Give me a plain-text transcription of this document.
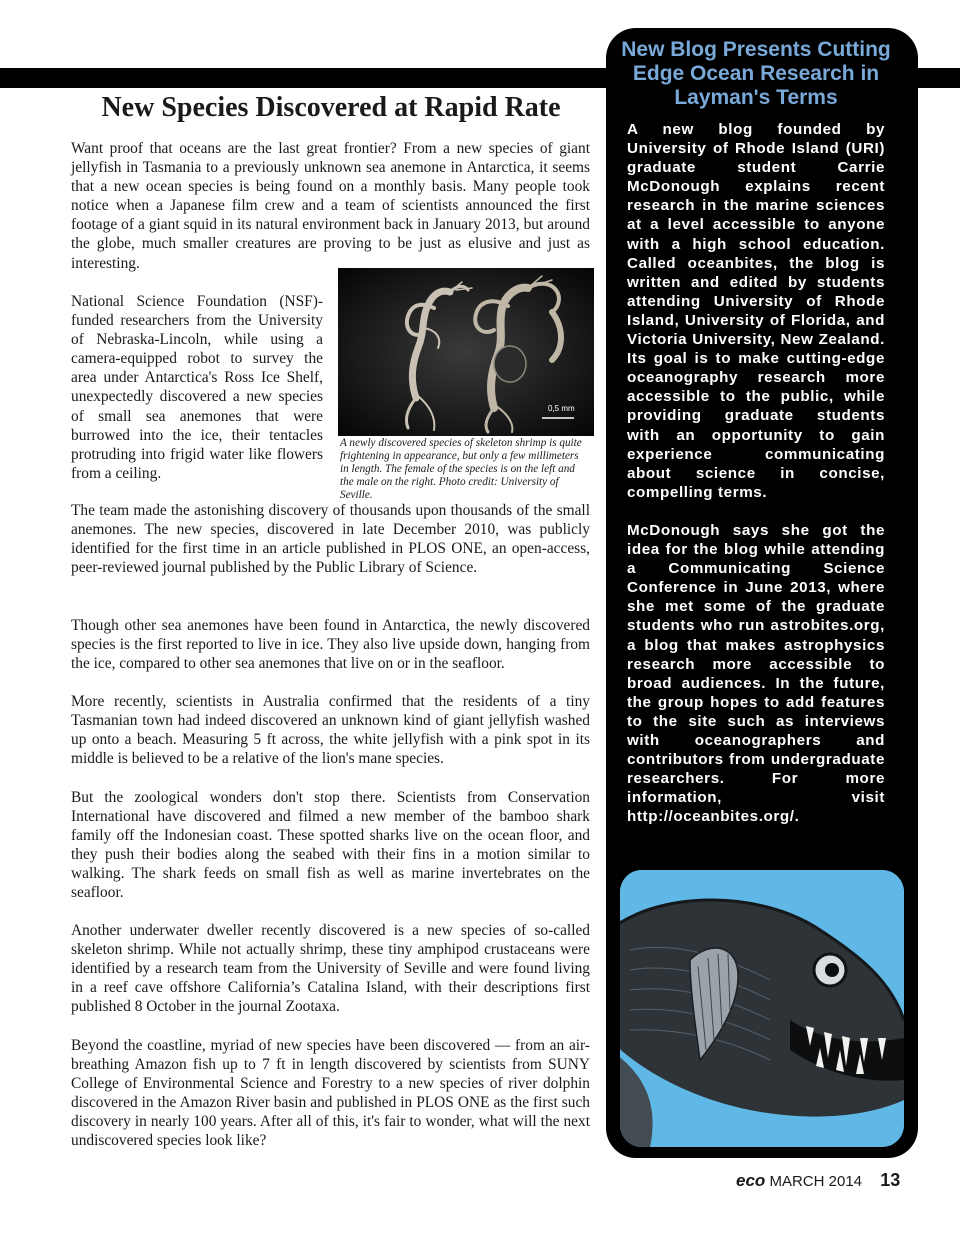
New Species Discovered at Rapid Rate

Want proof that oceans are the last great frontier? From a new species of giant jellyfish in Tasmania to a previously unknown sea anemone in Antarctica, it seems that a new ocean species is being found on a monthly basis. Many people took notice when a Japanese film crew and a team of scientists announced the first footage of a giant squid in its natural environment back in January 2013, but around the globe, much smaller creatures are proving to be just as elusive and just as interesting.

National Science Foundation (NSF)-funded researchers from the University of Nebraska-Lincoln, while using a camera-equipped robot to survey the area under Antarctica's Ross Ice Shelf, unexpectedly discovered a new species of small sea anemones that were burrowed into the ice, their tentacles protruding into frigid water like flowers from a ceiling.

0,5 mm

A newly discovered species of skeleton shrimp is quite frightening in appearance, but only a few millimeters in length. The female of the species is on the left and the male on the right. Photo credit: University of Seville.

The team made the astonishing discovery of thousands upon thousands of the small anemones. The new species, discovered in late December 2010, was publicly identified for the first time in an article published in PLOS ONE, an open-access, peer-reviewed journal published by the Public Library of Science.

Though other sea anemones have been found in Antarctica, the newly discovered species is the first reported to live in ice. They also live upside down, hanging from the ice, compared to other sea anemones that live on or in the seafloor.

More recently, scientists in Australia confirmed that the residents of a tiny Tasmanian town had indeed discovered an unknown kind of giant jellyfish washed up onto a beach. Measuring 5 ft across, the white jellyfish with a pink spot in its middle is believed to be a relative of the lion's mane species.

But the zoological wonders don't stop there. Scientists from Conservation International have discovered and filmed a new member of the bamboo shark family off the Indonesian coast. These spotted sharks live on the ocean floor, and they push their bodies along the seabed with their fins in a motion similar to walking. The shark feeds on small fish as well as marine invertebrates on the seafloor.

Another underwater dweller recently discovered is a new species of so-called skeleton shrimp. While not actually shrimp, these tiny amphipod crustaceans were identified by a research team from the University of Seville and were found living in a reef cave offshore California’s Catalina Island, with their descriptions first published 8 October in the journal Zootaxa.

Beyond the coastline, myriad of new species have been discovered — from an air-breathing Amazon fish up to 7 ft in length discovered by scientists from SUNY College of Environmental Science and Forestry to a new species of river dolphin discovered in the Amazon River basin and published in PLOS ONE as the first such discovery in nearly 100 years. After all of this, it's fair to wonder, what will the next undiscovered species look like?

New Blog Presents Cutting Edge Ocean Research in Layman's Terms

A new blog founded by University of Rhode Island (URI) graduate student Carrie McDonough explains recent research in the marine sciences at a level accessible to anyone with a high school education. Called oceanbites, the blog is written and edited by students attending University of Rhode Island, University of Florida, and Victoria University, New Zealand. Its goal is to make cutting-edge oceanography research more accessible to the public, while providing graduate students with an opportunity to gain experience communicating about science in concise, compelling terms.

McDonough says she got the idea for the blog while attending a Communicating Science Conference in June 2013, where she met some of the graduate students who run astrobites.org, a blog that makes astrophysics research more accessible to broad audiences. In the future, the group hopes to add features to the site such as interviews with oceanographers and contributors from undergraduate researchers. For more information, visit http://oceanbites.org/.

eco MARCH 2014 13
